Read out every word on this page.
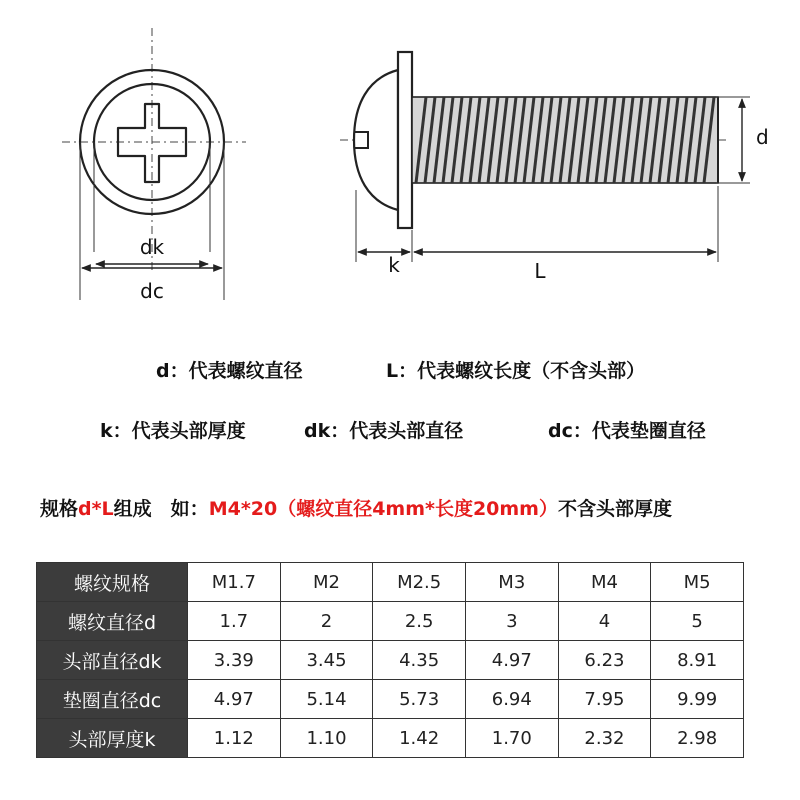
dk
dc
d
k	L
d：代表螺纹直径	L：代表螺纹长度（不含头部）
k：代表头部厚度	dk：代表头部直径	dc：代表垫圈直径
规格d*L组成　如：M4*20（螺纹直径4mm*长度20mm）不含头部厚度
螺纹规格	M1.7	M2	M2.5	M3	M4	M5
螺纹直径d	1.7	2	2.5	3	4	5
头部直径dk	3.39	3.45	4.35	4.97	6.23	8.91
垫圈直径dc	4.97	5.14	5.73	6.94	7.95	9.99
头部厚度k	1.12	1.10	1.42	1.70	2.32	2.98
